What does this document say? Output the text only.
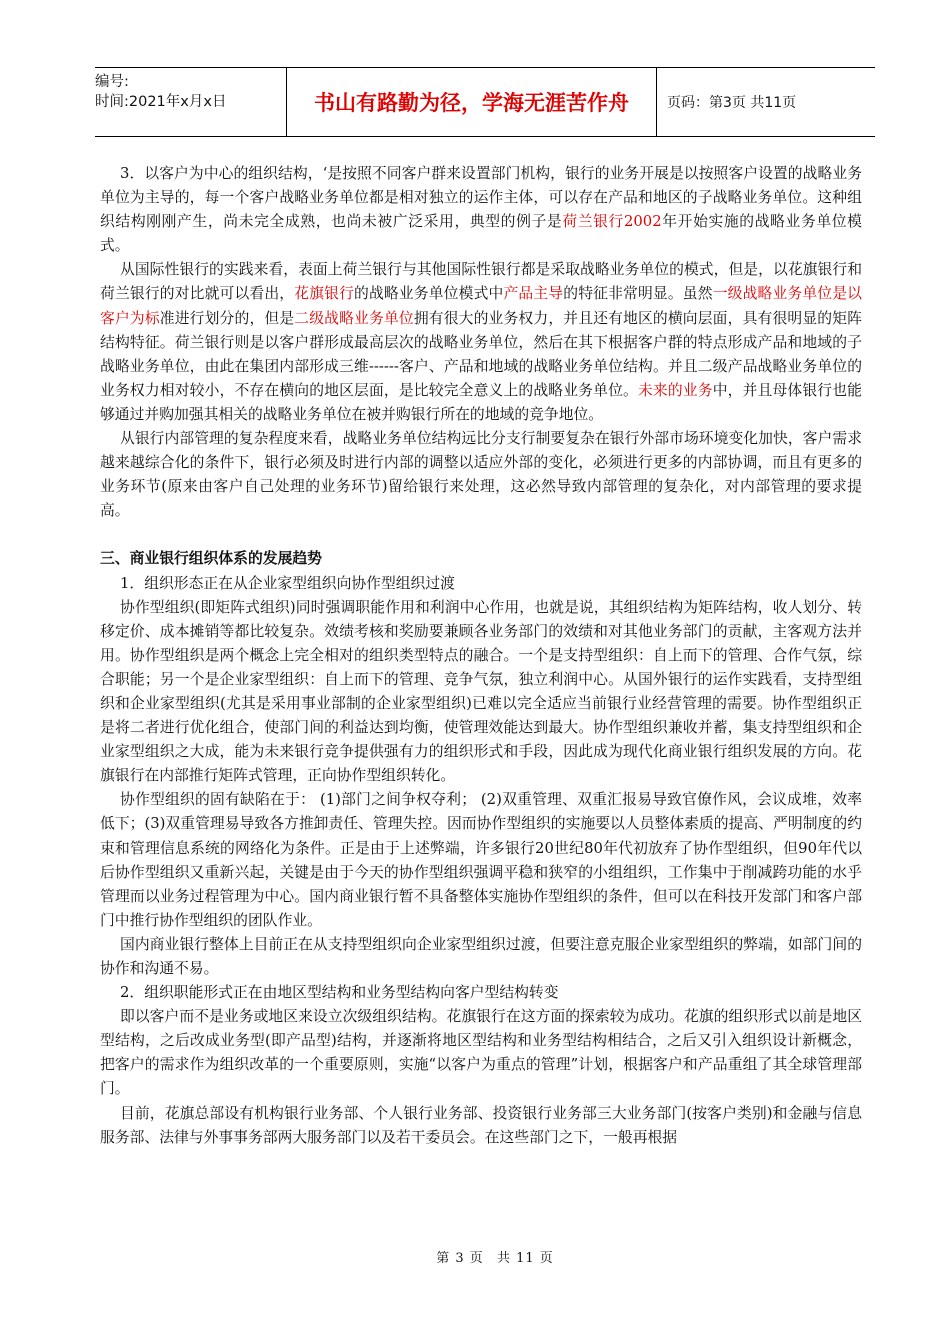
编号:
时间:2021年x月x日	书山有路勤为径，学海无涯苦作舟	页码：第3页 共11页

3．以客户为中心的组织结构，‘是按照不同客户群来设置部门机构，银行的业务开展是以按照客户设置的战略业务单位为主导的，每一个客户战略业务单位都是相对独立的运作主体，可以存在产品和地区的子战略业务单位。这种组织结构刚刚产生，尚未完全成熟，也尚未被广泛采用，典型的例子是荷兰银行2002年开始实施的战略业务单位模式。

从国际性银行的实践来看，表面上荷兰银行与其他国际性银行都是采取战略业务单位的模式，但是，以花旗银行和荷兰银行的对比就可以看出，花旗银行的战略业务单位模式中产品主导的特征非常明显。虽然一级战略业务单位是以客户为标准进行划分的，但是二级战略业务单位拥有很大的业务权力，并且还有地区的横向层面，具有很明显的矩阵结构特征。荷兰银行则是以客户群形成最高层次的战略业务单位，然后在其下根据客户群的特点形成产品和地域的子战略业务单位，由此在集团内部形成三维------客户、产品和地域的战略业务单位结构。并且二级产品战略业务单位的业务权力相对较小，不存在横向的地区层面，是比较完全意义上的战略业务单位。未来的业务中，并且母体银行也能够通过并购加强其相关的战略业务单位在被并购银行所在的地域的竞争地位。

从银行内部管理的复杂程度来看，战略业务单位结构远比分支行制要复杂在银行外部市场环境变化加快，客户需求越来越综合化的条件下，银行必须及时进行内部的调整以适应外部的变化，必须进行更多的内部协调，而且有更多的业务环节(原来由客户自己处理的业务环节)留给银行来处理，这必然导致内部管理的复杂化，对内部管理的要求提高。

三、商业银行组织体系的发展趋势

1．组织形态正在从企业家型组织向协作型组织过渡

协作型组织(即矩阵式组织)同时强调职能作用和利润中心作用，也就是说，其组织结构为矩阵结构，收人划分、转移定价、成本摊销等都比较复杂。效绩考核和奖励要兼顾各业务部门的效绩和对其他业务部门的贡献，主客观方法并用。协作型组织是两个概念上完全相对的组织类型特点的融合。一个是支持型组织：自上而下的管理、合作气氛，综合职能；另一个是企业家型组织：自上而下的管理、竞争气氛，独立利润中心。从国外银行的运作实践看，支持型组织和企业家型组织(尤其是采用事业部制的企业家型组织)已难以完全适应当前银行业经营管理的需要。协作型组织正是将二者进行优化组合，使部门间的利益达到均衡，使管理效能达到最大。协作型组织兼收并蓄，集支持型组织和企业家型组织之大成，能为未来银行竞争提供强有力的组织形式和手段，因此成为现代化商业银行组织发展的方向。花旗银行在内部推行矩阵式管理，正向协作型组织转化。

协作型组织的固有缺陷在于： (1)部门之间争权夺利； (2)双重管理、双重汇报易导致官僚作风，会议成堆，效率低下；(3)双重管理易导致各方推卸责任、管理失控。因而协作型组织的实施要以人员整体素质的提高、严明制度的约束和管理信息系统的网络化为条件。正是由于上述弊端，许多银行20世纪80年代初放弃了协作型组织，但90年代以后协作型组织又重新兴起，关键是由于今天的协作型组织强调平稳和狭窄的小组组织，工作集中于削减跨功能的水乎管理而以业务过程管理为中心。国内商业银行暂不具备整体实施协作型组织的条件，但可以在科技开发部门和客户部门中推行协作型组织的团队作业。

国内商业银行整体上目前正在从支持型组织向企业家型组织过渡，但要注意克服企业家型组织的弊端，如部门间的协作和沟通不易。

2．组织职能形式正在由地区型结构和业务型结构向客户型结构转变

即以客户而不是业务或地区来设立次级组织结构。花旗银行在这方面的探索较为成功。花旗的组织形式以前是地区型结构，之后改成业务型(即产品型)结构，并逐渐将地区型结构和业务型结构相结合，之后又引入组织设计新概念，把客户的需求作为组织改革的一个重要原则，实施“以客户为重点的管理”计划，根据客户和产品重组了其全球管理部门。

目前，花旗总部设有机构银行业务部、个人银行业务部、投资银行业务部三大业务部门(按客户类别)和金融与信息服务部、法律与外事事务部两大服务部门以及若干委员会。在这些部门之下，一般再根据

第 3 页 共 11 页
